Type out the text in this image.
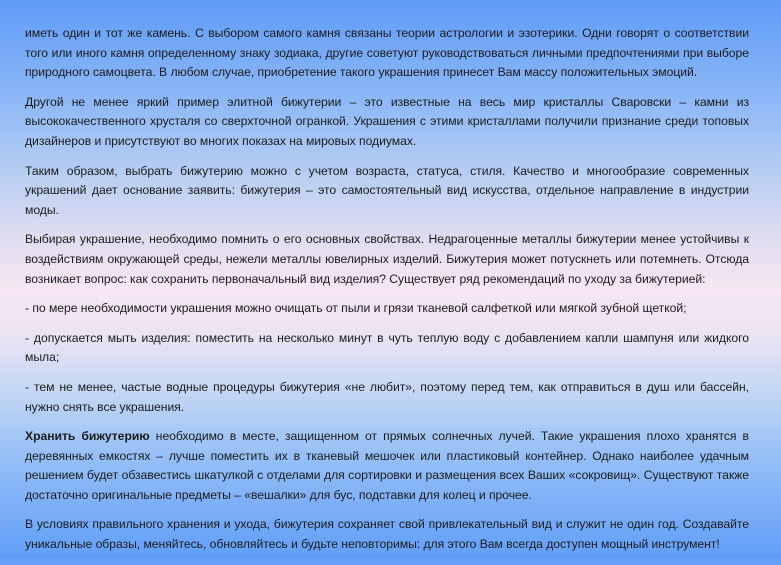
иметь один и тот же камень. С выбором самого камня связаны теории астрологии и эзотерики. Одни говорят о соответствии того или иного камня определенному знаку зодиака, другие советуют руководствоваться личными предпочтениями при выборе природного самоцвета. В любом случае, приобретение такого украшения принесет Вам массу положительных эмоций.

Другой не менее яркий пример элитной бижутерии – это известные на весь мир кристаллы Сваровски – камни из высококачественного хрусталя со сверхточной огранкой. Украшения с этими кристаллами получили признание среди топовых дизайнеров и присутствуют во многих показах на мировых подиумах.

Таким образом, выбрать бижутерию можно с учетом возраста, статуса, стиля. Качество и многообразие современных украшений дает основание заявить: бижутерия – это самостоятельный вид искусства, отдельное направление в индустрии моды.

Выбирая украшение, необходимо помнить о его основных свойствах. Недрагоценные металлы бижутерии менее устойчивы к воздействиям окружающей среды, нежели металлы ювелирных изделий. Бижутерия может потускнеть или потемнеть. Отсюда возникает вопрос: как сохранить первоначальный вид изделия? Существует ряд рекомендаций по уходу за бижутерией:

- по мере необходимости украшения можно очищать от пыли и грязи тканевой салфеткой или мягкой зубной щеткой;

- допускается мыть изделия: поместить на несколько минут в чуть теплую воду с добавлением капли шампуня или жидкого мыла;

- тем не менее, частые водные процедуры бижутерия «не любит», поэтому перед тем, как отправиться в душ или бассейн, нужно снять все украшения.

Хранить бижутерию необходимо в месте, защищенном от прямых солнечных лучей. Такие украшения плохо хранятся в деревянных емкостях – лучше поместить их в тканевый мешочек или пластиковый контейнер. Однако наиболее удачным решением будет обзавестись шкатулкой с отделами для сортировки и размещения всех Ваших «сокровищ». Существуют также достаточно оригинальные предметы – «вешалки» для бус, подставки для колец и прочее.

В условиях правильного хранения и ухода, бижутерия сохраняет свой привлекательный вид и служит не один год. Создавайте уникальные образы, меняйтесь, обновляйтесь и будьте неповторимы: для этого Вам всегда доступен мощный инструмент!
